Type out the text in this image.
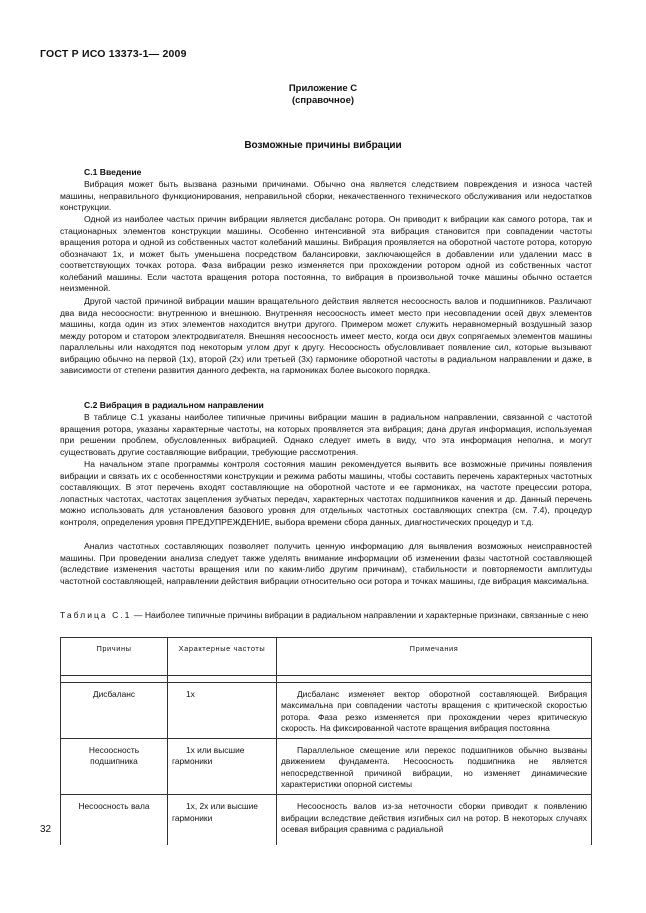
ГОСТ Р ИСО 13373-1— 2009
Приложение С
(справочное)
Возможные причины вибрации
С.1 Введение

Вибрация может быть вызвана разными причинами. Обычно она является следствием повреждения и износа частей машины, неправильного функционирования, неправильной сборки, некачественного технического обслуживания или недостатков конструкции.

Одной из наиболее частых причин вибрации является дисбаланс ротора. Он приводит к вибрации как самого ротора, так и стационарных элементов конструкции машины. Особенно интенсивной эта вибрация становится при совпадении частоты вращения ротора и одной из собственных частот колебаний машины. Вибрация проявляется на оборотной частоте ротора, которую обозначают 1х, и может быть уменьшена посредством балансировки, заключающейся в добавлении или удалении масс в соответствующих точках ротора. Фаза вибрации резко изменяется при прохождении ротором одной из собственных частот колебаний машины. Если частота вращения ротора постоянна, то вибрация в произвольной точке машины обычно остается неизменной.

Другой частой причиной вибрации машин вращательного действия является несоосность валов и подшипников. Различают два вида несоосности: внутреннюю и внешнюю. Внутренняя несоосность имеет место при несовпадении осей двух элементов машины, когда один из этих элементов находится внутри другого. Примером может служить неравномерный воздушный зазор между ротором и статором электродвигателя. Внешняя несоосность имеет место, когда оси двух сопрягаемых элементов машины параллельны или находятся под некоторым углом друг к другу. Несоосность обусловливает появление сил, которые вызывают вибрацию обычно на первой (1х), второй (2х) или третьей (3х) гармонике оборотной частоты в радиальном направлении и даже, в зависимости от степени развития данного дефекта, на гармониках более высокого порядка.

С.2 Вибрация в радиальном направлении

В таблице С.1 указаны наиболее типичные причины вибрации машин в радиальном направлении, связанной с частотой вращения ротора, указаны характерные частоты, на которых проявляется эта вибрация; дана другая информация, используемая при решении проблем, обусловленных вибрацией. Однако следует иметь в виду, что эта информация неполна, и могут существовать другие составляющие вибрации, требующие рассмотрения.

На начальном этапе программы контроля состояния машин рекомендуется выявить все возможные причины появления вибрации и связать их с особенностями конструкции и режима работы машины, чтобы составить перечень характерных частотных составляющих. В этот перечень входят составляющие на оборотной частоте и ее гармониках, на частоте прецессии ротора, лопастных частотах, частотах зацепления зубчатых передач, характерных частотах подшипников качения и др. Данный перечень можно использовать для установления базового уровня для отдельных частотных составляющих спектра (см. 7.4), процедур контроля, определения уровня ПРЕДУПРЕЖДЕНИЕ, выбора времени сбора данных, диагностических процедур и т.д.

Анализ частотных составляющих позволяет получить ценную информацию для выявления возможных неисправностей машины. При проведении анализа следует также уделять внимание информации об изменении фазы частотной составляющей (вследствие изменения частоты вращения или по каким-либо другим причинам), стабильности и повторяемости амплитуды частотной составляющей, направлении действия вибрации относительно оси ротора и точках машины, где вибрация максимальна.

Таблица С.1 — Наиболее типичные причины вибрации в радиальном направлении и характерные признаки, связанные с нею
Причины	Характерные частоты	Примечания

Дисбаланс	1х	Дисбаланс изменяет вектор оборотной составляющей. Вибрация максимальна при совпадении частоты вращения с критической скоростью ротора. Фаза резко изменяется при прохождении через критическую скорость. На фиксированной частоте вращения вибрация постоянна
Несоосность подшипника	1х или высшие гармоники	Параллельное смещение или перекос подшипников обычно вызваны движением фундамента. Несоосность подшипника не является непосредственной причиной вибрации, но изменяет динамические характеристики опорной системы
Несоосность вала	1х, 2х или высшие гармоники	Несоосность валов из-за неточности сборки приводит к появлению вибрации вследствие действия изгибных сил на ротор. В некоторых случаях осевая вибрация сравнима с радиальной
32
